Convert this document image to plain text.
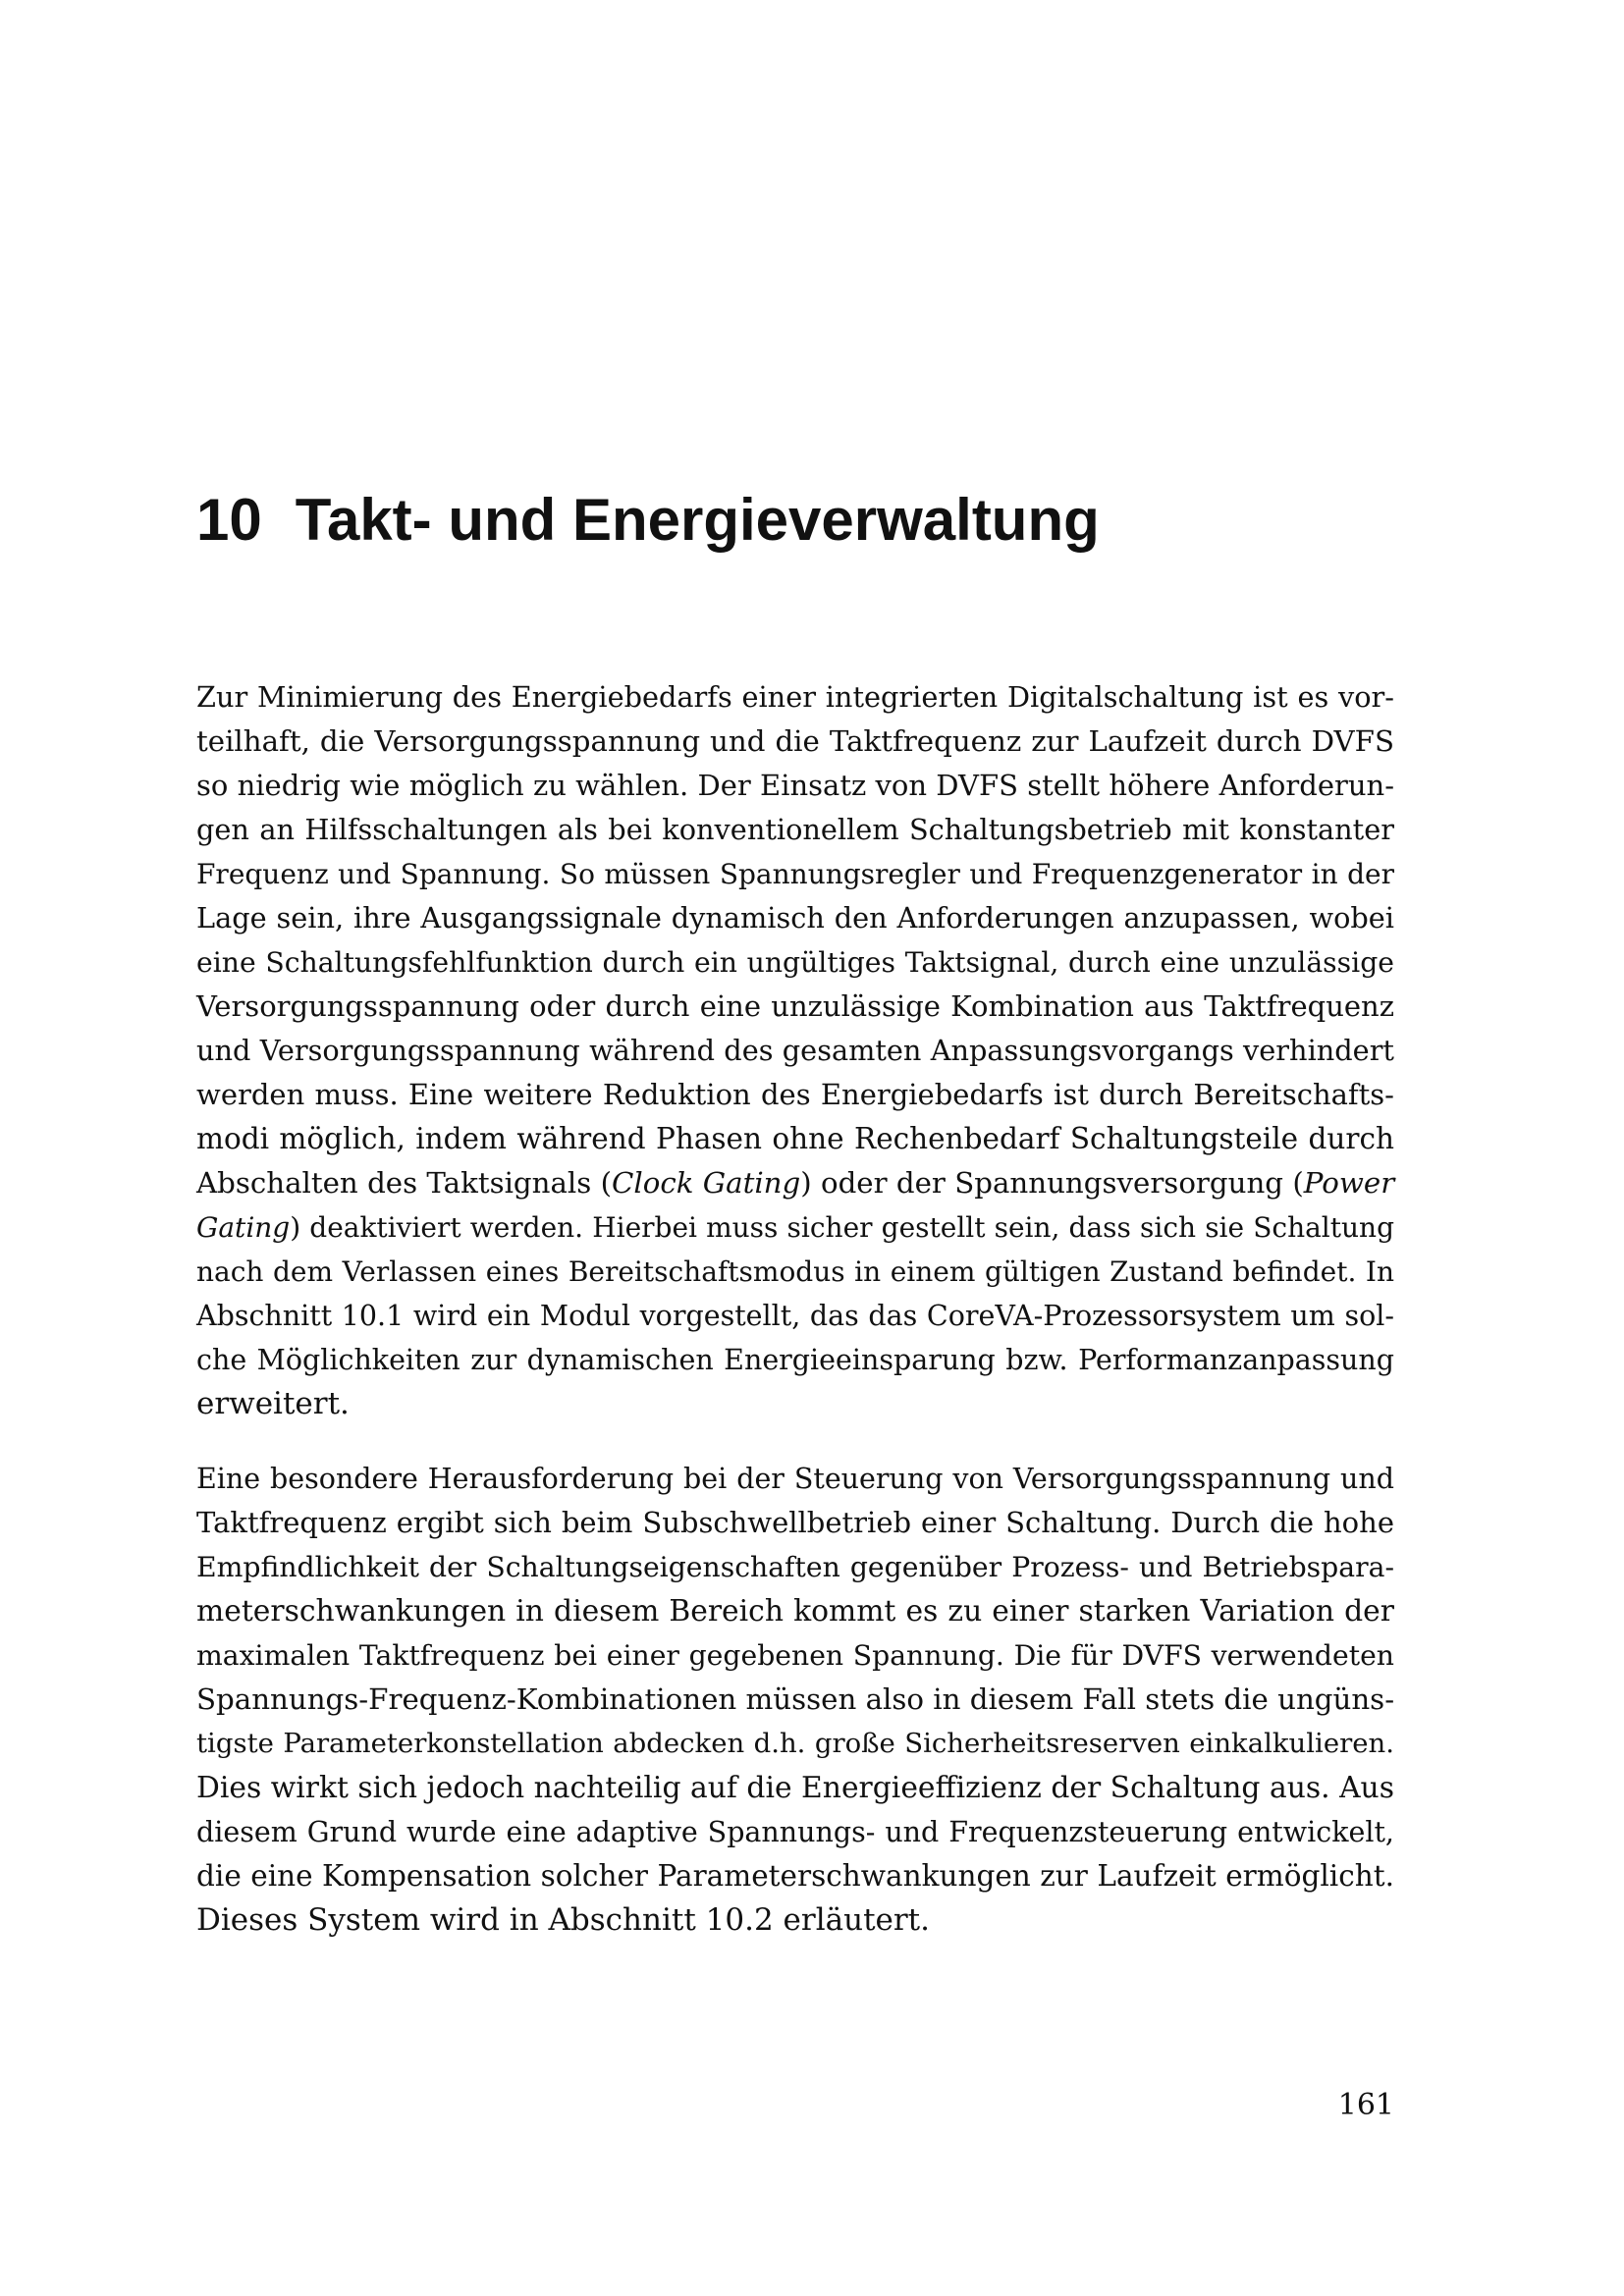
10 Takt- und Energieverwaltung
Zur Minimierung des Energiebedarfs einer integrierten Digitalschaltung ist es vor-
teilhaft, die Versorgungsspannung und die Taktfrequenz zur Laufzeit durch DVFS
so niedrig wie möglich zu wählen. Der Einsatz von DVFS stellt höhere Anforderun-
gen an Hilfsschaltungen als bei konventionellem Schaltungsbetrieb mit konstanter
Frequenz und Spannung. So müssen Spannungsregler und Frequenzgenerator in der
Lage sein, ihre Ausgangssignale dynamisch den Anforderungen anzupassen, wobei
eine Schaltungsfehlfunktion durch ein ungültiges Taktsignal, durch eine unzulässige
Versorgungsspannung oder durch eine unzulässige Kombination aus Taktfrequenz
und Versorgungsspannung während des gesamten Anpassungsvorgangs verhindert
werden muss. Eine weitere Reduktion des Energiebedarfs ist durch Bereitschafts-
modi möglich, indem während Phasen ohne Rechenbedarf Schaltungsteile durch
Abschalten des Taktsignals (Clock Gating) oder der Spannungsversorgung (Power
Gating) deaktiviert werden. Hierbei muss sicher gestellt sein, dass sich sie Schaltung
nach dem Verlassen eines Bereitschaftsmodus in einem gültigen Zustand befindet. In
Abschnitt 10.1 wird ein Modul vorgestellt, das das CoreVA-Prozessorsystem um sol-
che Möglichkeiten zur dynamischen Energieeinsparung bzw. Performanzanpassung
erweitert.
Eine besondere Herausforderung bei der Steuerung von Versorgungsspannung und
Taktfrequenz ergibt sich beim Subschwellbetrieb einer Schaltung. Durch die hohe
Empfindlichkeit der Schaltungseigenschaften gegenüber Prozess- und Betriebspara-
meterschwankungen in diesem Bereich kommt es zu einer starken Variation der
maximalen Taktfrequenz bei einer gegebenen Spannung. Die für DVFS verwendeten
Spannungs-Frequenz-Kombinationen müssen also in diesem Fall stets die ungüns-
tigste Parameterkonstellation abdecken d.h. große Sicherheitsreserven einkalkulieren.
Dies wirkt sich jedoch nachteilig auf die Energieeffizienz der Schaltung aus. Aus
diesem Grund wurde eine adaptive Spannungs- und Frequenzsteuerung entwickelt,
die eine Kompensation solcher Parameterschwankungen zur Laufzeit ermöglicht.
Dieses System wird in Abschnitt 10.2 erläutert.
161
